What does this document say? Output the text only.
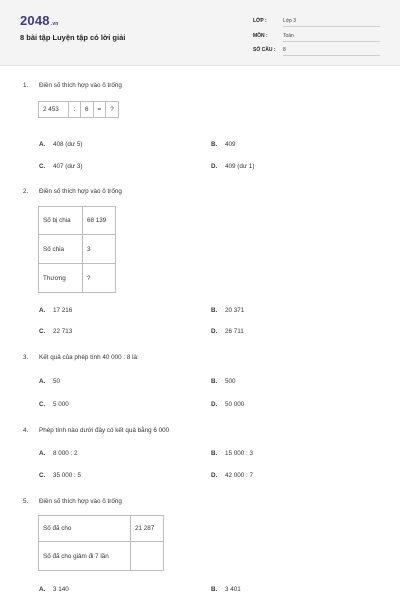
2048.vn
8 bài tập Luyện tập có lời giải
LỚP :	Lớp 3
MÔN :	Toán
SỐ CÂU : 8
1. Điền số thích hợp vào ô trống
2 453	:	6	=	?
A. 408 (dư 5)	B. 409
C. 407 (dư 3)	D. 409 (dư 1)
2. Điền số thích hợp vào ô trống
Số bị chia	68 139
Số chia	3
Thương	?
A. 17 216	B. 20 371
C. 22 713	D. 26 711
3. Kết quả của phép tính 40 000 : 8 là:
A. 50	B. 500
C. 5 000	D. 50 000
4. Phép tính nào dưới đây có kết quả bằng 6 000
A. 8 000 : 2	B. 15 000 : 3
C. 35 000 : 5	D. 42 000 : 7
5. Điền số thích hợp vào ô trống
Số đã cho	21 287
Số đã cho giảm đi 7 lần	
A. 3 140	B. 3 401
